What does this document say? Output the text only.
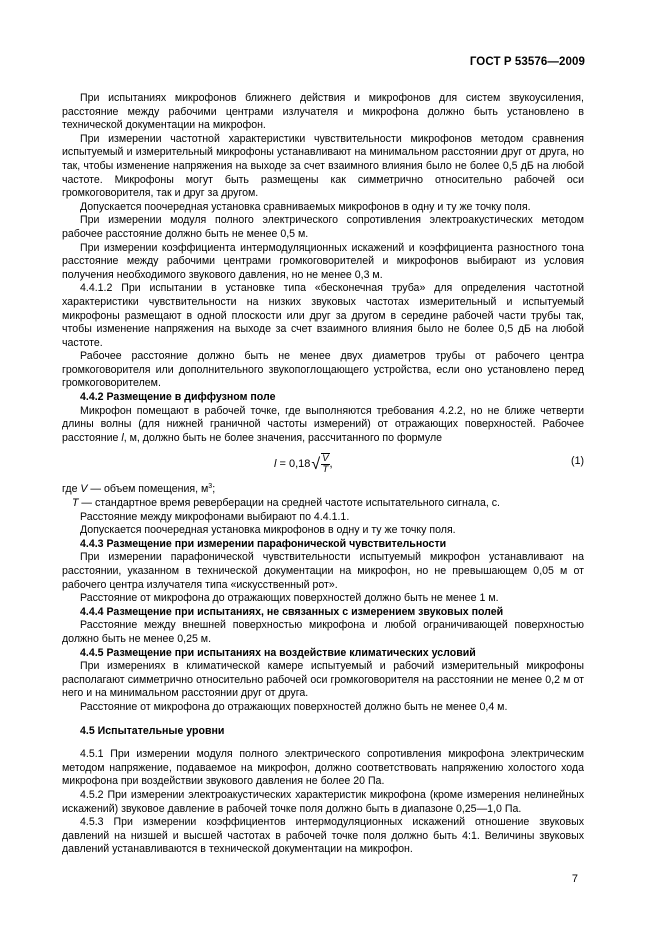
ГОСТ Р 53576—2009

При испытаниях микрофонов ближнего действия и микрофонов для систем звукоусиления, расстояние между рабочими центрами излучателя и микрофона должно быть установлено в технической документации на микрофон.

При измерении частотной характеристики чувствительности микрофонов методом сравнения испытуемый и измерительный микрофоны устанавливают на минимальном расстоянии друг от друга, но так, чтобы изменение напряжения на выходе за счет взаимного влияния было не более 0,5 дБ на любой частоте. Микрофоны могут быть размещены как симметрично относительно рабочей оси громкоговорителя, так и друг за другом.

Допускается поочередная установка сравниваемых микрофонов в одну и ту же точку поля.

При измерении модуля полного электрического сопротивления электроакустических методом рабочее расстояние должно быть не менее 0,5 м.

При измерении коэффициента интермодуляционных искажений и коэффициента разностного тона расстояние между рабочими центрами громкоговорителей и микрофонов выбирают из условия получения необходимого звукового давления, но не менее 0,3 м.

4.4.1.2 При испытании в установке типа «бесконечная труба» для определения частотной характеристики чувствительности на низких звуковых частотах измерительный и испытуемый микрофоны размещают в одной плоскости или друг за другом в середине рабочей части трубы так, чтобы изменение напряжения на выходе за счет взаимного влияния было не более 0,5 дБ на любой частоте.

Рабочее расстояние должно быть не менее двух диаметров трубы от рабочего центра громкоговорителя или дополнительного звукопоглощающего устройства, если оно установлено перед громкоговорителем.

4.4.2 Размещение в диффузном поле

Микрофон помещают в рабочей точке, где выполняются требования 4.2.2, но не ближе четверти длины волны (для нижней граничной частоты измерений) от отражающих поверхностей. Рабочее расстояние l, м, должно быть не более значения, рассчитанного по формуле

$l = 0,18√ \frac{V}{T}$ ,	(1)

где V — объем помещения, $м^3$;

T — стандартное время реверберации на средней частоте испытательного сигнала, с.

Расстояние между микрофонами выбирают по 4.4.1.1.

Допускается поочередная установка микрофонов в одну и ту же точку поля.

4.4.3 Размещение при измерении парафонической чувствительности

При измерении парафонической чувствительности испытуемый микрофон устанавливают на расстоянии, указанном в технической документации на микрофон, но не превышающем 0,05 м от рабочего центра излучателя типа «искусственный рот».

Расстояние от микрофона до отражающих поверхностей должно быть не менее 1 м.

4.4.4 Размещение при испытаниях, не связанных с измерением звуковых полей

Расстояние между внешней поверхностью микрофона и любой ограничивающей поверхностью должно быть не менее 0,25 м.

4.4.5 Размещение при испытаниях на воздействие климатических условий

При измерениях в климатической камере испытуемый и рабочий измерительный микрофоны располагают симметрично относительно рабочей оси громкоговорителя на расстоянии не менее 0,2 м от него и на минимальном расстоянии друг от друга.

Расстояние от микрофона до отражающих поверхностей должно быть не менее 0,4 м.

4.5 Испытательные уровни

4.5.1 При измерении модуля полного электрического сопротивления микрофона электрическим методом напряжение, подаваемое на микрофон, должно соответствовать напряжению холостого хода микрофона при воздействии звукового давления не более 20 Па.

4.5.2 При измерении электроакустических характеристик микрофона (кроме измерения нелинейных искажений) звуковое давление в рабочей точке поля должно быть в диапазоне 0,25—1,0 Па.

4.5.3 При измерении коэффициентов интермодуляционных искажений отношение звуковых давлений на низшей и высшей частотах в рабочей точке поля должно быть 4:1. Величины звуковых давлений устанавливаются в технической документации на микрофон.

7
